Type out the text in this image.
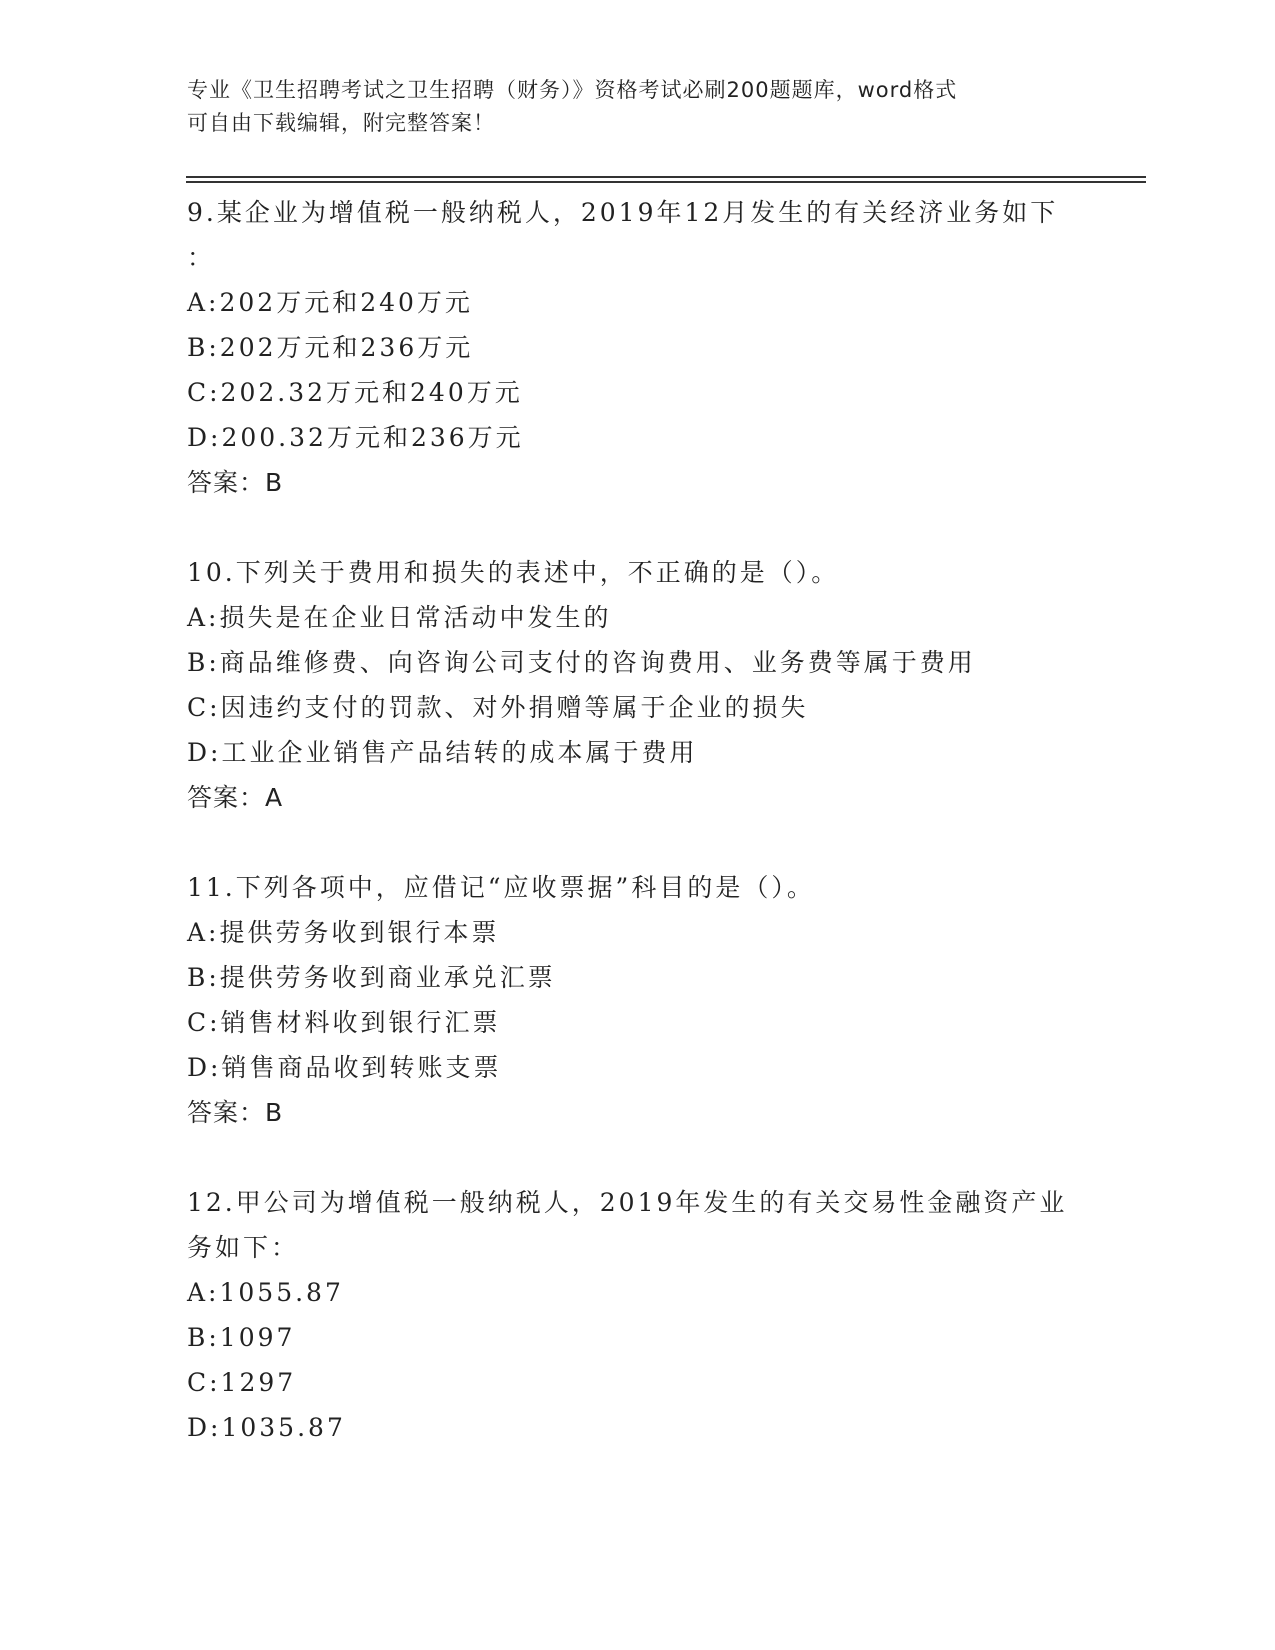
专业《卫生招聘考试之卫生招聘（财务）》资格考试必刷200题题库，word格式
可自由下载编辑，附完整答案！
9.某企业为增值税一般纳税人，2019年12月发生的有关经济业务如下
：
A:202万元和240万元
B:202万元和236万元
C:202.32万元和240万元
D:200.32万元和236万元
答案：B
10.下列关于费用和损失的表述中，不正确的是（）。
A:损失是在企业日常活动中发生的
B:商品维修费、向咨询公司支付的咨询费用、业务费等属于费用
C:因违约支付的罚款、对外捐赠等属于企业的损失
D:工业企业销售产品结转的成本属于费用
答案：A
11.下列各项中，应借记“应收票据”科目的是（）。
A:提供劳务收到银行本票
B:提供劳务收到商业承兑汇票
C:销售材料收到银行汇票
D:销售商品收到转账支票
答案：B
12.甲公司为增值税一般纳税人，2019年发生的有关交易性金融资产业
务如下：
A:1055.87
B:1097
C:1297
D:1035.87
